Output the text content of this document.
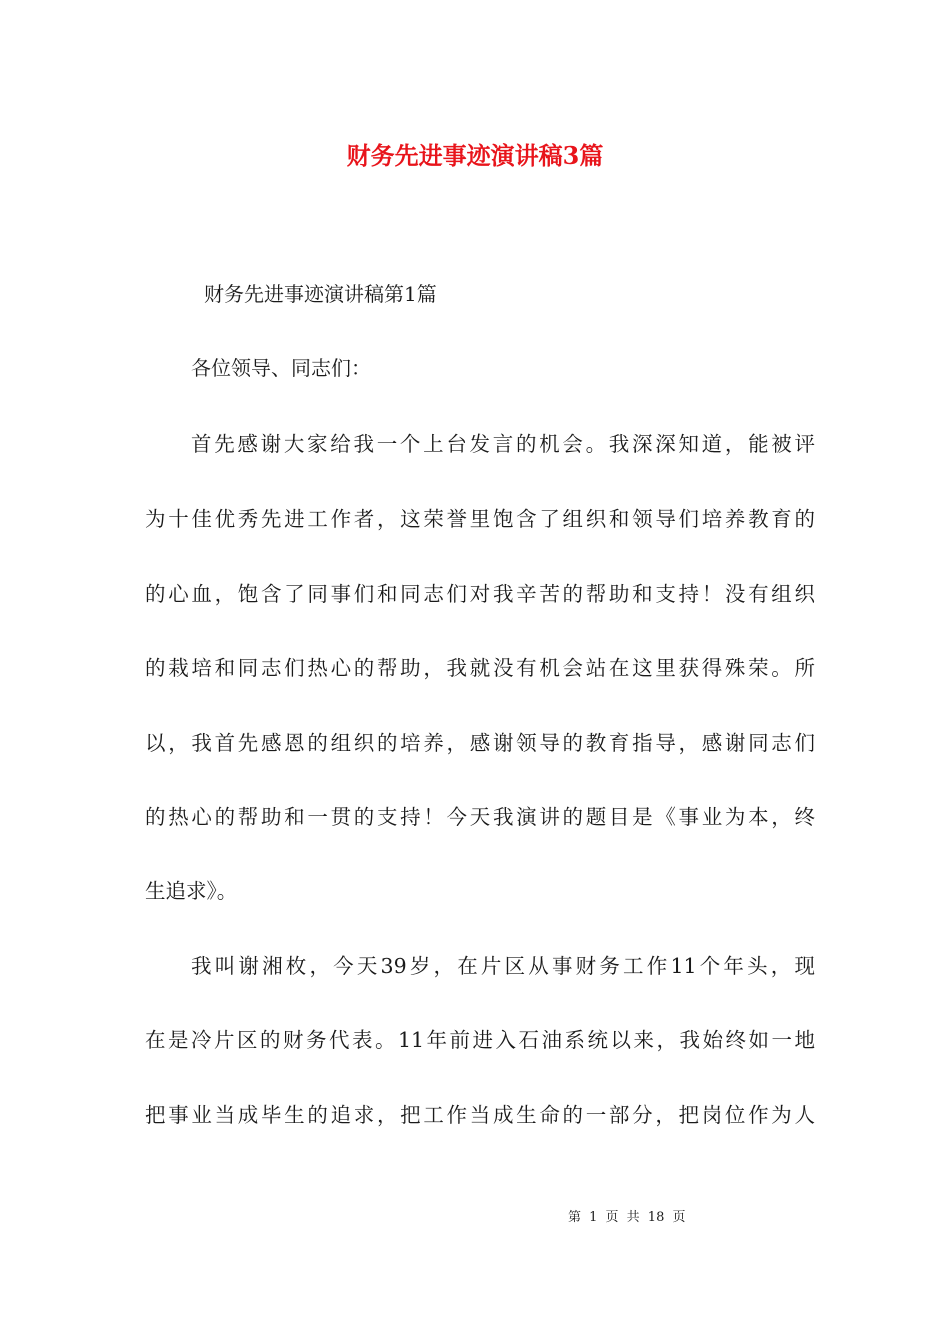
财务先进事迹演讲稿3篇
财务先进事迹演讲稿第1篇

各位领导、同志们：

首先感谢大家给我一个上台发言的机会。我深深知道，能被评

为十佳优秀先进工作者，这荣誉里饱含了组织和领导们培养教育的

的心血，饱含了同事们和同志们对我辛苦的帮助和支持！没有组织

的栽培和同志们热心的帮助，我就没有机会站在这里获得殊荣。所

以，我首先感恩的组织的培养，感谢领导的教育指导，感谢同志们

的热心的帮助和一贯的支持！今天我演讲的题目是《事业为本，终

生追求》。

我叫谢湘枚，今天39岁，在片区从事财务工作11个年头，现

在是冷片区的财务代表。11年前进入石油系统以来，我始终如一地

把事业当成毕生的追求，把工作当成生命的一部分，把岗位作为人

第 1 页 共 18 页
